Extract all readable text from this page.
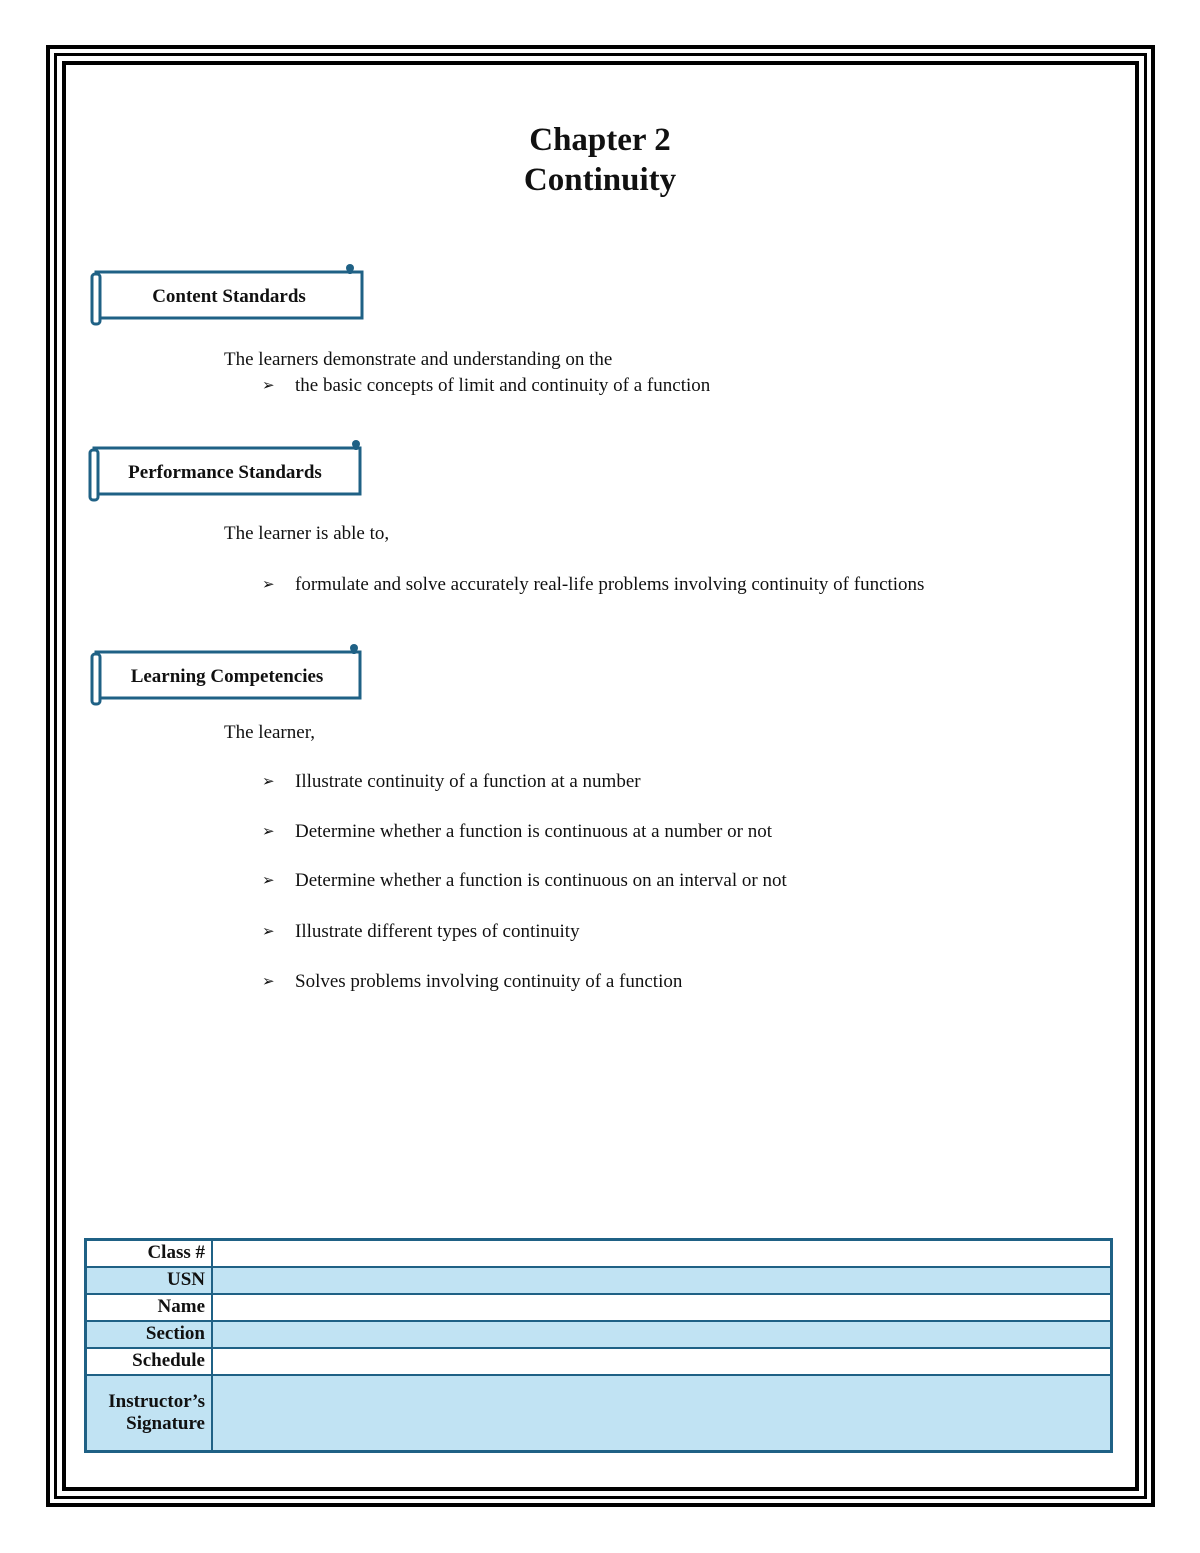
Chapter 2
Continuity
Content Standards
The learners demonstrate and understanding on the
➢ the basic concepts of limit and continuity of a function
Performance Standards
The learner is able to,
➢ formulate and solve accurately real-life problems involving continuity of functions
Learning Competencies
The learner,
➢ Illustrate continuity of a function at a number
➢ Determine whether a function is continuous at a number or not
➢ Determine whether a function is continuous on an interval or not
➢ Illustrate different types of continuity
➢ Solves problems involving continuity of a function
Class #	
USN	
Name	
Section	
Schedule	

Instructor’s
Signature	
